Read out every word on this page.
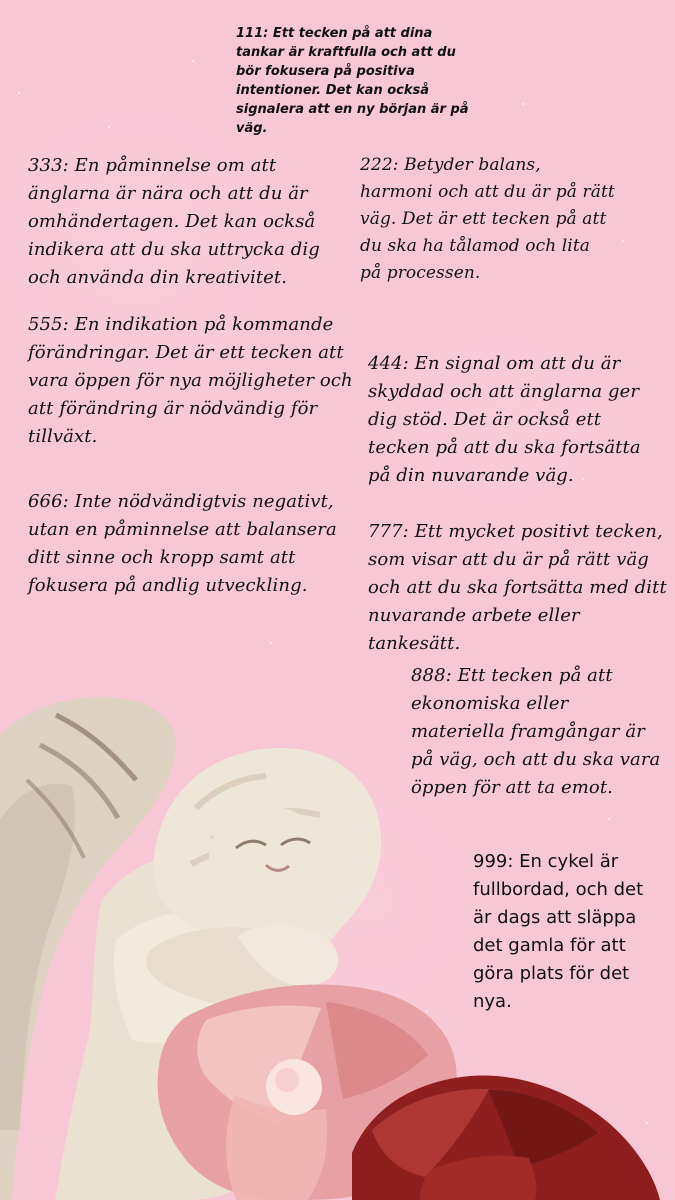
111: Ett tecken på att dina tankar är kraftfulla och att du bör fokusera på positiva intentioner. Det kan också signalera att en ny början är på väg.

333: En påminnelse om att änglarna är nära och att du är omhändertagen. Det kan också indikera att du ska uttrycka dig och använda din kreativitet.

222: Betyder balans, harmoni och att du är på rätt väg. Det är ett tecken på att du ska ha tålamod och lita på processen.

555: En indikation på kommande förändringar. Det är ett tecken att vara öppen för nya möjligheter och att förändring är nödvändig för tillväxt.

444: En signal om att du är skyddad och att änglarna ger dig stöd. Det är också ett tecken på att du ska fortsätta på din nuvarande väg.

666: Inte nödvändigtvis negativt, utan en påminnelse att balansera ditt sinne och kropp samt att fokusera på andlig utveckling.

777: Ett mycket positivt tecken, som visar att du är på rätt väg och att du ska fortsätta med ditt nuvarande arbete eller tankesätt.

888: Ett tecken på att ekonomiska eller materiella framgångar är på väg, och att du ska vara öppen för att ta emot.

999: En cykel är fullbordad, och det är dags att släppa det gamla för att göra plats för det nya.
